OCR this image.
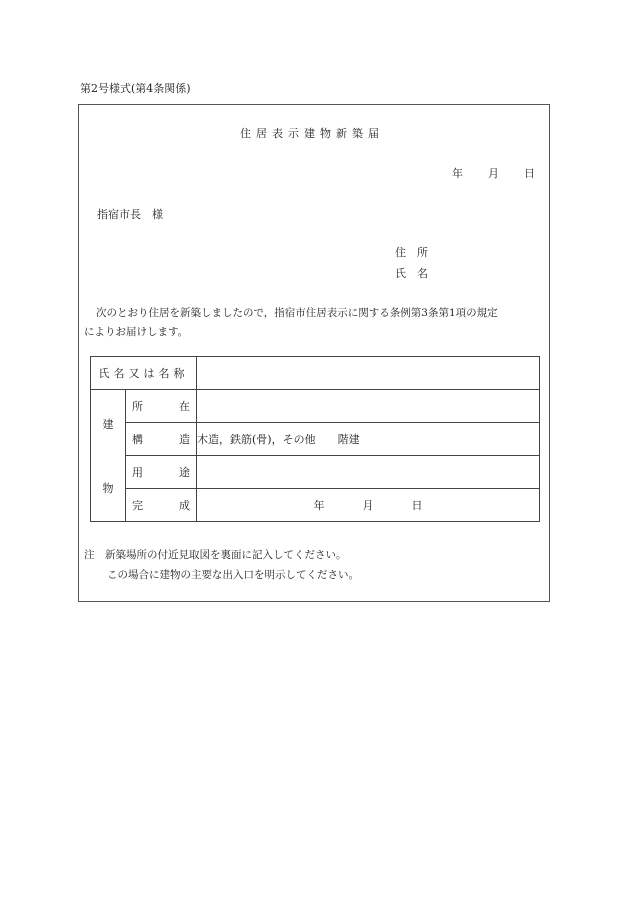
第2号様式(第4条関係)
住居表示建物新築届
年 月 日
指宿市長　様
住　所
氏　名
次のとおり住居を新築しましたので，指宿市住居表示に関する条例第3条第1項の規定
によりお届けします。
氏名又は名称		

建
物	所 在	

	構 造	木造，鉄筋(骨)，その他　　階建

	用 途	

	完 成	年 月 日
注　新築場所の付近見取図を裏面に記入してください。
この場合に建物の主要な出入口を明示してください。
